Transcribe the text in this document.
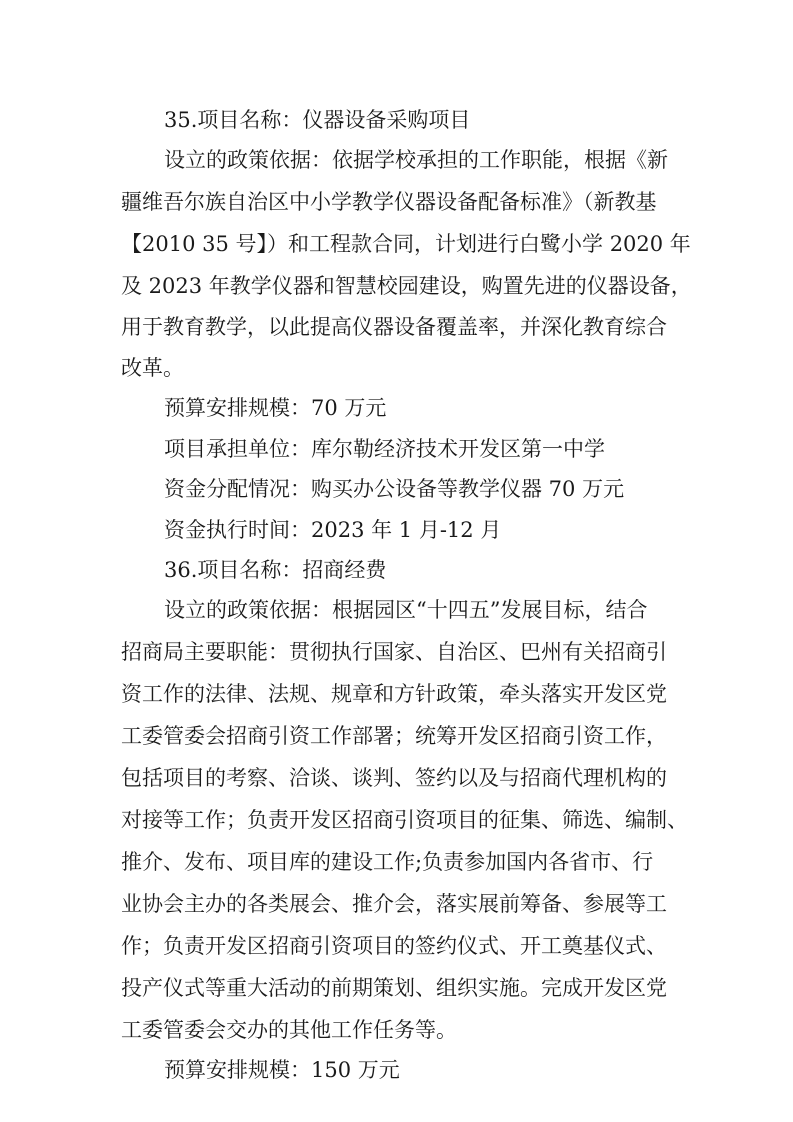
35.项目名称：仪器设备采购项目

设立的政策依据：依据学校承担的工作职能，根据《新

疆维吾尔族自治区中小学教学仪器设备配备标准》（新教基

【2010 35 号】）和工程款合同，计划进行白鹭小学 2020 年

及 2023 年教学仪器和智慧校园建设，购置先进的仪器设备，

用于教育教学，以此提高仪器设备覆盖率，并深化教育综合

改革。

预算安排规模：70 万元

项目承担单位：库尔勒经济技术开发区第一中学

资金分配情况：购买办公设备等教学仪器 70 万元

资金执行时间：2023 年 1 月-12 月

36.项目名称：招商经费

设立的政策依据：根据园区“十四五”发展目标，结合

招商局主要职能：贯彻执行国家、自治区、巴州有关招商引

资工作的法律、法规、规章和方针政策，牵头落实开发区党

工委管委会招商引资工作部署；统筹开发区招商引资工作，

包括项目的考察、洽谈、谈判、签约以及与招商代理机构的

对接等工作；负责开发区招商引资项目的征集、筛选、编制、

推介、发布、项目库的建设工作;负责参加国内各省市、行

业协会主办的各类展会、推介会，落实展前筹备、参展等工

作；负责开发区招商引资项目的签约仪式、开工奠基仪式、

投产仪式等重大活动的前期策划、组织实施。完成开发区党

工委管委会交办的其他工作任务等。

预算安排规模：150 万元
